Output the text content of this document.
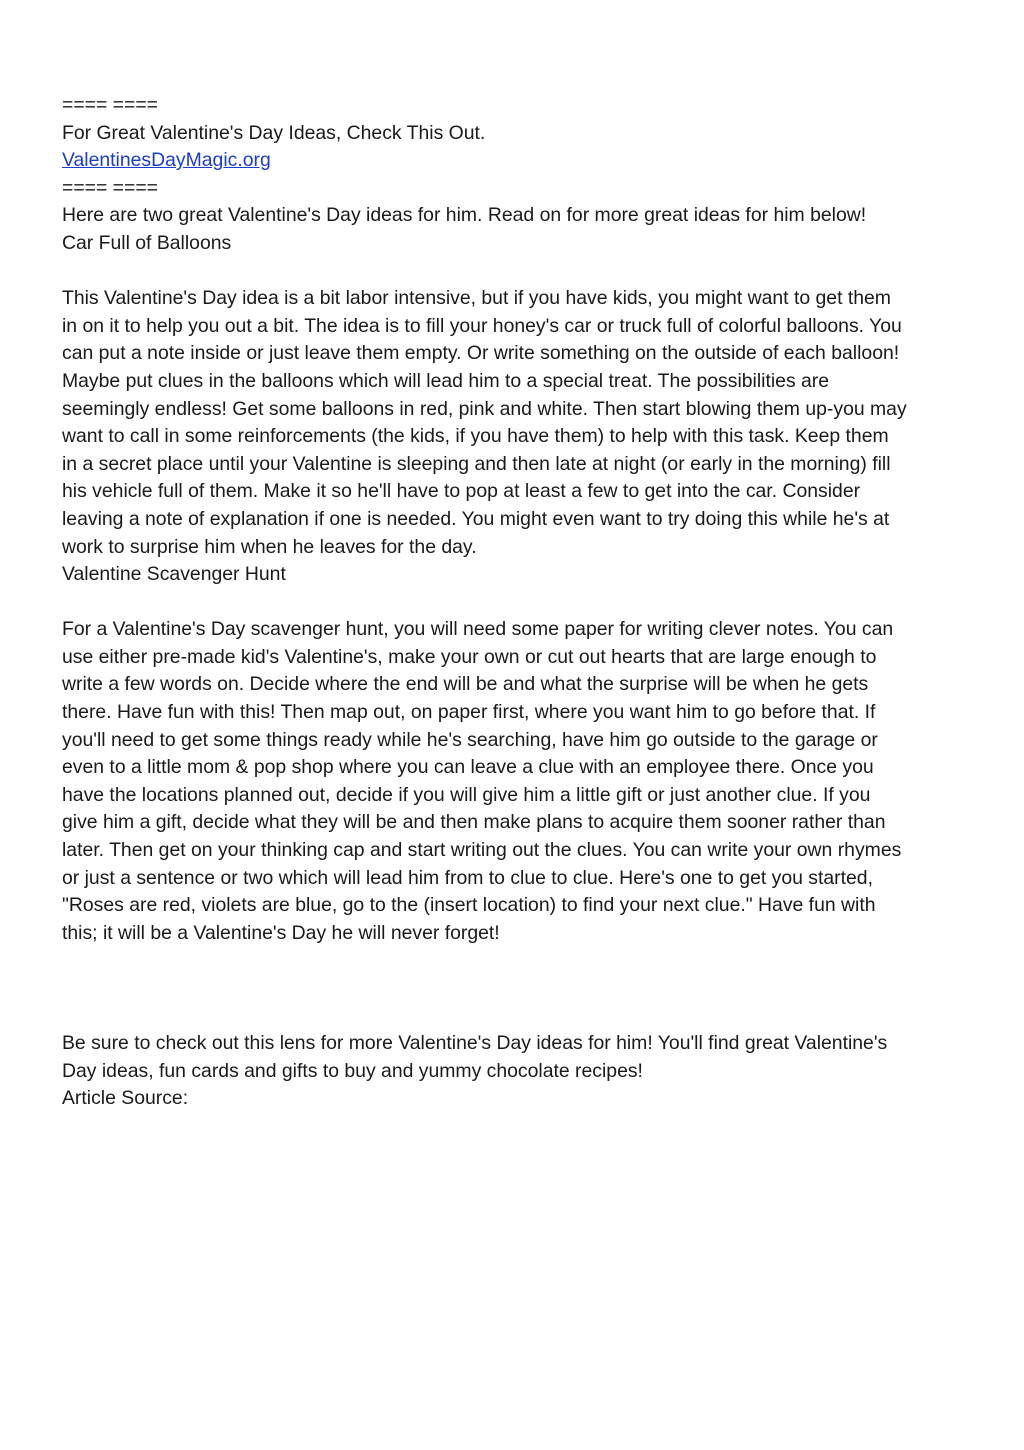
==== ====

For Great Valentine's Day Ideas, Check This Out.

ValentinesDayMagic.org

==== ====

Here are two great Valentine's Day ideas for him. Read on for more great ideas for him below!

Car Full of Balloons

This Valentine's Day idea is a bit labor intensive, but if you have kids, you might want to get them
in on it to help you out a bit. The idea is to fill your honey's car or truck full of colorful balloons. You
can put a note inside or just leave them empty. Or write something on the outside of each balloon!
Maybe put clues in the balloons which will lead him to a special treat. The possibilities are
seemingly endless! Get some balloons in red, pink and white. Then start blowing them up-you may
want to call in some reinforcements (the kids, if you have them) to help with this task. Keep them
in a secret place until your Valentine is sleeping and then late at night (or early in the morning) fill
his vehicle full of them. Make it so he'll have to pop at least a few to get into the car. Consider
leaving a note of explanation if one is needed. You might even want to try doing this while he's at
work to surprise him when he leaves for the day.

Valentine Scavenger Hunt

For a Valentine's Day scavenger hunt, you will need some paper for writing clever notes. You can
use either pre-made kid's Valentine's, make your own or cut out hearts that are large enough to
write a few words on. Decide where the end will be and what the surprise will be when he gets
there. Have fun with this! Then map out, on paper first, where you want him to go before that. If
you'll need to get some things ready while he's searching, have him go outside to the garage or
even to a little mom & pop shop where you can leave a clue with an employee there. Once you
have the locations planned out, decide if you will give him a little gift or just another clue. If you
give him a gift, decide what they will be and then make plans to acquire them sooner rather than
later. Then get on your thinking cap and start writing out the clues. You can write your own rhymes
or just a sentence or two which will lead him from to clue to clue. Here's one to get you started,
"Roses are red, violets are blue, go to the (insert location) to find your next clue." Have fun with
this; it will be a Valentine's Day he will never forget!
Be sure to check out this lens for more Valentine's Day ideas for him! You'll find great Valentine's
Day ideas, fun cards and gifts to buy and yummy chocolate recipes!

Article Source:
